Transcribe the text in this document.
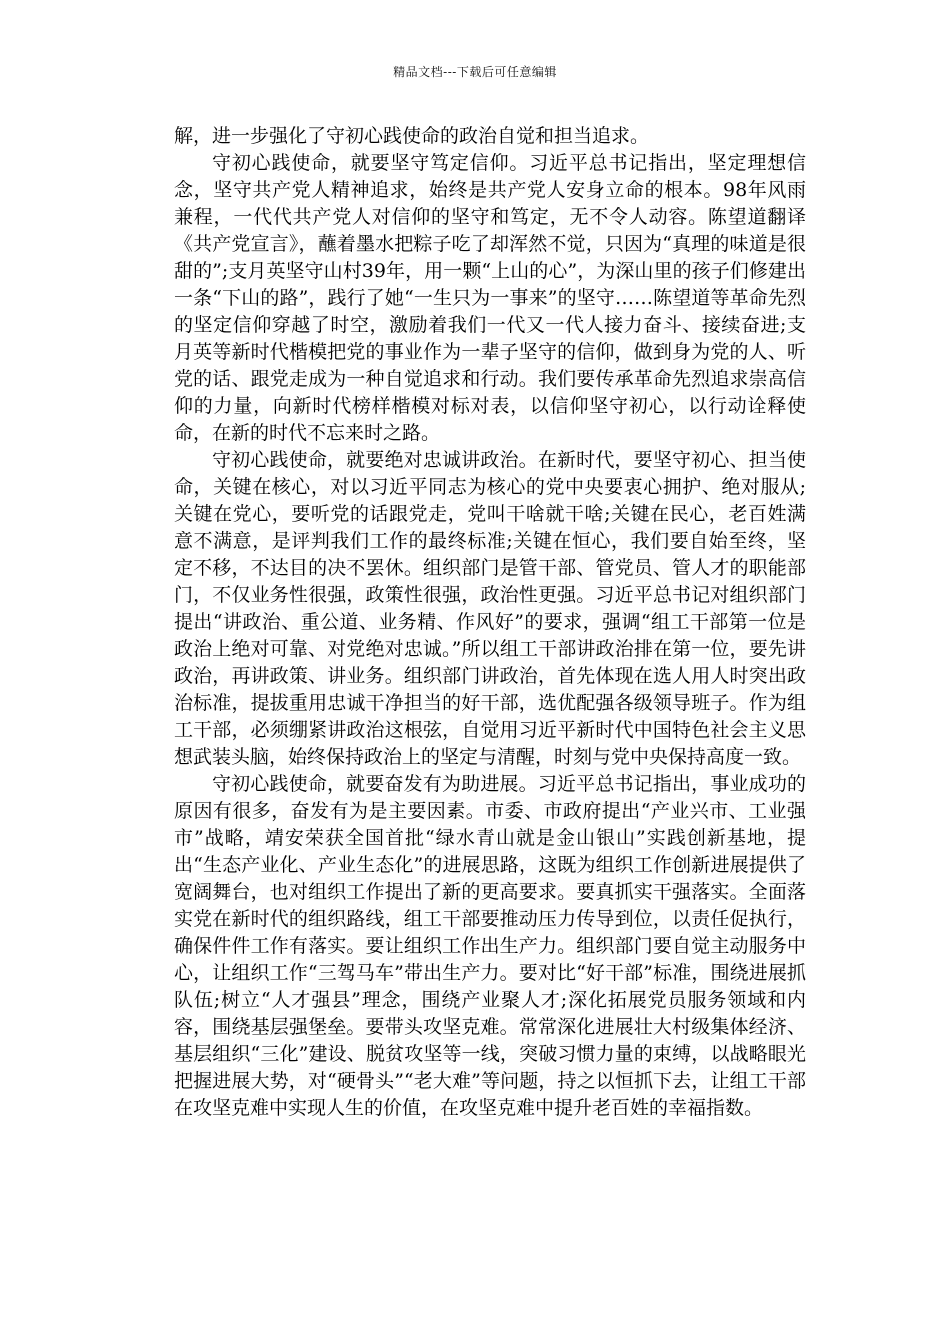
精品文档---下载后可任意编辑

解，进一步强化了守初心践使命的政治自觉和担当追求。

守初心践使命，就要坚守笃定信仰。习近平总书记指出，坚定理想信念，坚守共产党人精神追求，始终是共产党人安身立命的根本。98年风雨兼程，一代代共产党人对信仰的坚守和笃定，无不令人动容。陈望道翻译《共产党宣言》，蘸着墨水把粽子吃了却浑然不觉，只因为“真理的味道是很甜的”;支月英坚守山村39年，用一颗“上山的心”，为深山里的孩子们修建出一条“下山的路”，践行了她“一生只为一事来”的坚守……陈望道等革命先烈的坚定信仰穿越了时空，激励着我们一代又一代人接力奋斗、接续奋进;支月英等新时代楷模把党的事业作为一辈子坚守的信仰，做到身为党的人、听党的话、跟党走成为一种自觉追求和行动。我们要传承革命先烈追求崇高信仰的力量，向新时代榜样楷模对标对表，以信仰坚守初心，以行动诠释使命，在新的时代不忘来时之路。

守初心践使命，就要绝对忠诚讲政治。在新时代，要坚守初心、担当使命，关键在核心，对以习近平同志为核心的党中央要衷心拥护、绝对服从;关键在党心，要听党的话跟党走，党叫干啥就干啥;关键在民心，老百姓满意不满意，是评判我们工作的最终标准;关键在恒心，我们要自始至终，坚定不移，不达目的决不罢休。组织部门是管干部、管党员、管人才的职能部门，不仅业务性很强，政策性很强，政治性更强。习近平总书记对组织部门提出“讲政治、重公道、业务精、作风好”的要求，强调“组工干部第一位是政治上绝对可靠、对党绝对忠诚。”所以组工干部讲政治排在第一位，要先讲政治，再讲政策、讲业务。组织部门讲政治，首先体现在选人用人时突出政治标准，提拔重用忠诚干净担当的好干部，选优配强各级领导班子。作为组工干部，必须绷紧讲政治这根弦，自觉用习近平新时代中国特色社会主义思想武装头脑，始终保持政治上的坚定与清醒，时刻与党中央保持高度一致。

守初心践使命，就要奋发有为助进展。习近平总书记指出，事业成功的原因有很多，奋发有为是主要因素。市委、市政府提出“产业兴市、工业强市”战略，靖安荣获全国首批“绿水青山就是金山银山”实践创新基地，提出“生态产业化、产业生态化”的进展思路，这既为组织工作创新进展提供了宽阔舞台，也对组织工作提出了新的更高要求。要真抓实干强落实。全面落实党在新时代的组织路线，组工干部要推动压力传导到位，以责任促执行，确保件件工作有落实。要让组织工作出生产力。组织部门要自觉主动服务中心，让组织工作“三驾马车”带出生产力。要对比“好干部”标准，围绕进展抓队伍;树立“人才强县”理念，围绕产业聚人才;深化拓展党员服务领域和内容，围绕基层强堡垒。要带头攻坚克难。常常深化进展壮大村级集体经济、基层组织“三化”建设、脱贫攻坚等一线，突破习惯力量的束缚，以战略眼光把握进展大势，对“硬骨头”“老大难”等问题，持之以恒抓下去，让组工干部在攻坚克难中实现人生的价值，在攻坚克难中提升老百姓的幸福指数。
